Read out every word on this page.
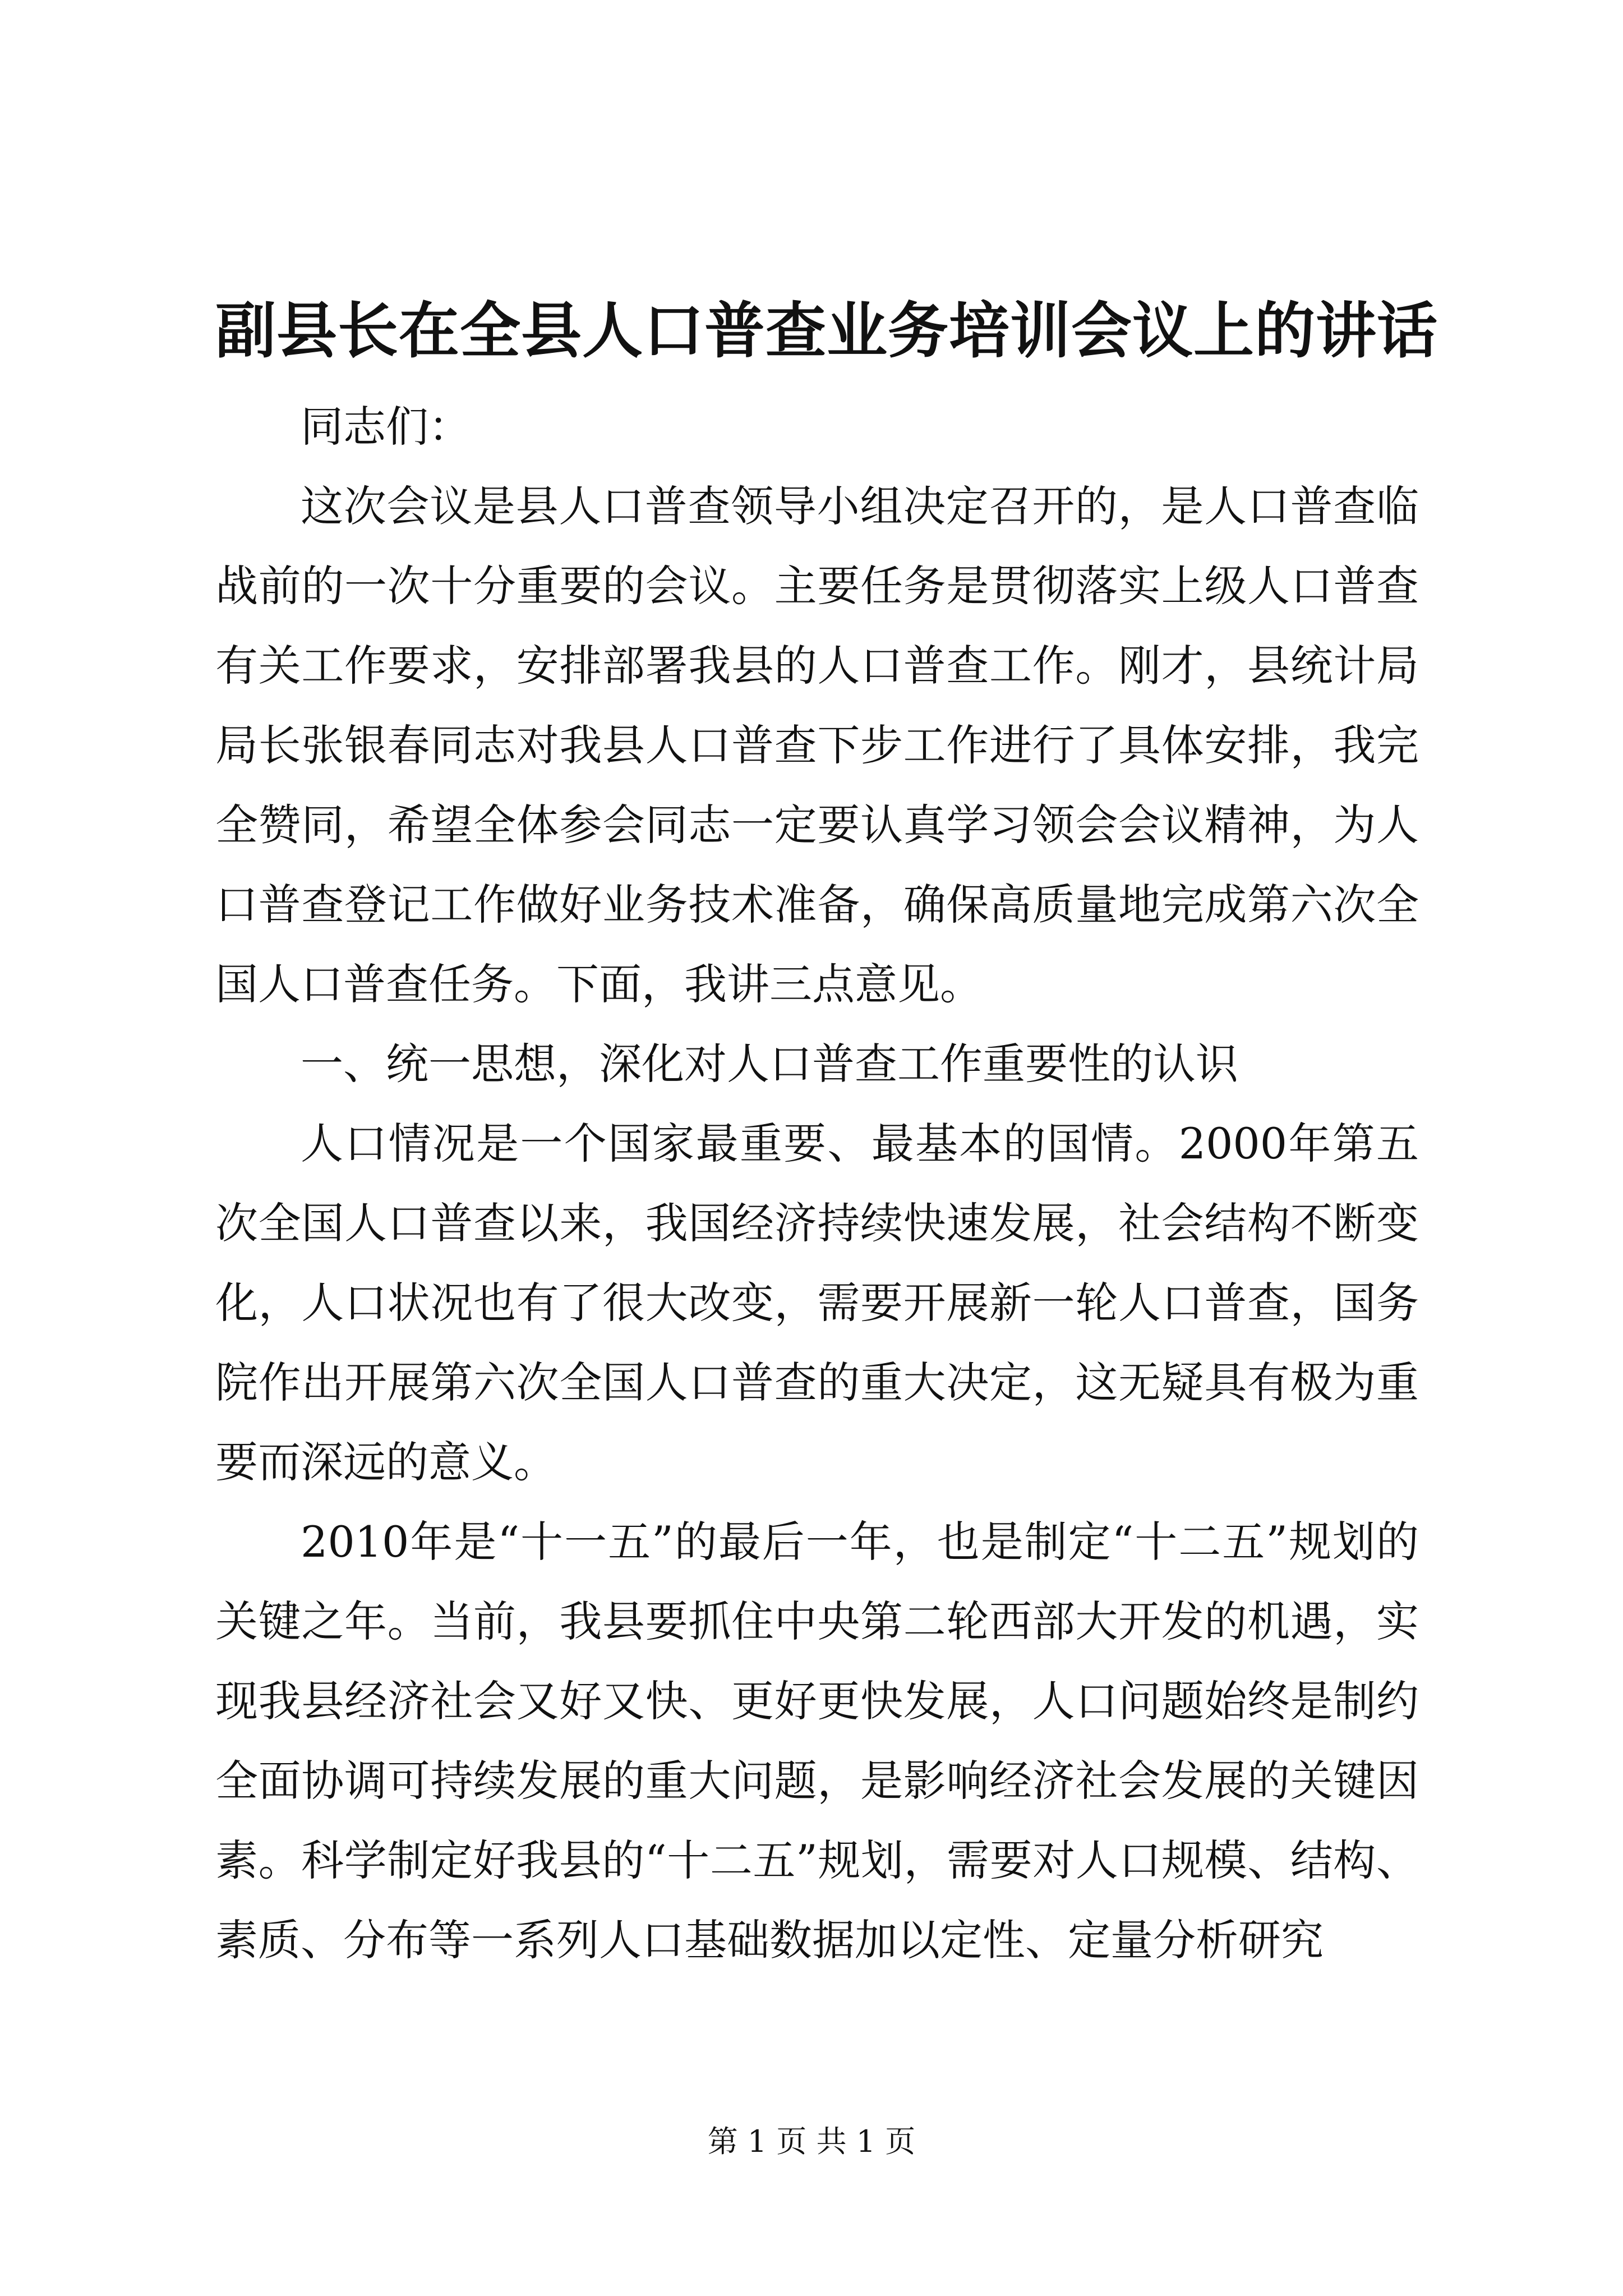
副县长在全县人口普查业务培训会议上的讲话

同志们：

这次会议是县人口普查领导小组决定召开的，是人口普查临战前的一次十分重要的会议。主要任务是贯彻落实上级人口普查有关工作要求，安排部署我县的人口普查工作。刚才，县统计局局长张银春同志对我县人口普查下步工作进行了具体安排，我完全赞同，希望全体参会同志一定要认真学习领会会议精神，为人口普查登记工作做好业务技术准备，确保高质量地完成第六次全国人口普查任务。下面，我讲三点意见。

一、统一思想，深化对人口普查工作重要性的认识

人口情况是一个国家最重要、最基本的国情。2000年第五次全国人口普查以来，我国经济持续快速发展，社会结构不断变化，人口状况也有了很大改变，需要开展新一轮人口普查，国务院作出开展第六次全国人口普查的重大决定，这无疑具有极为重要而深远的意义。

2010年是“十一五”的最后一年，也是制定“十二五”规划的关键之年。当前，我县要抓住中央第二轮西部大开发的机遇，实现我县经济社会又好又快、更好更快发展，人口问题始终是制约全面协调可持续发展的重大问题，是影响经济社会发展的关键因素。科学制定好我县的“十二五”规划，需要对人口规模、结构、素质、分布等一系列人口基础数据加以定性、定量分析研究

第 1 页 共 1 页
